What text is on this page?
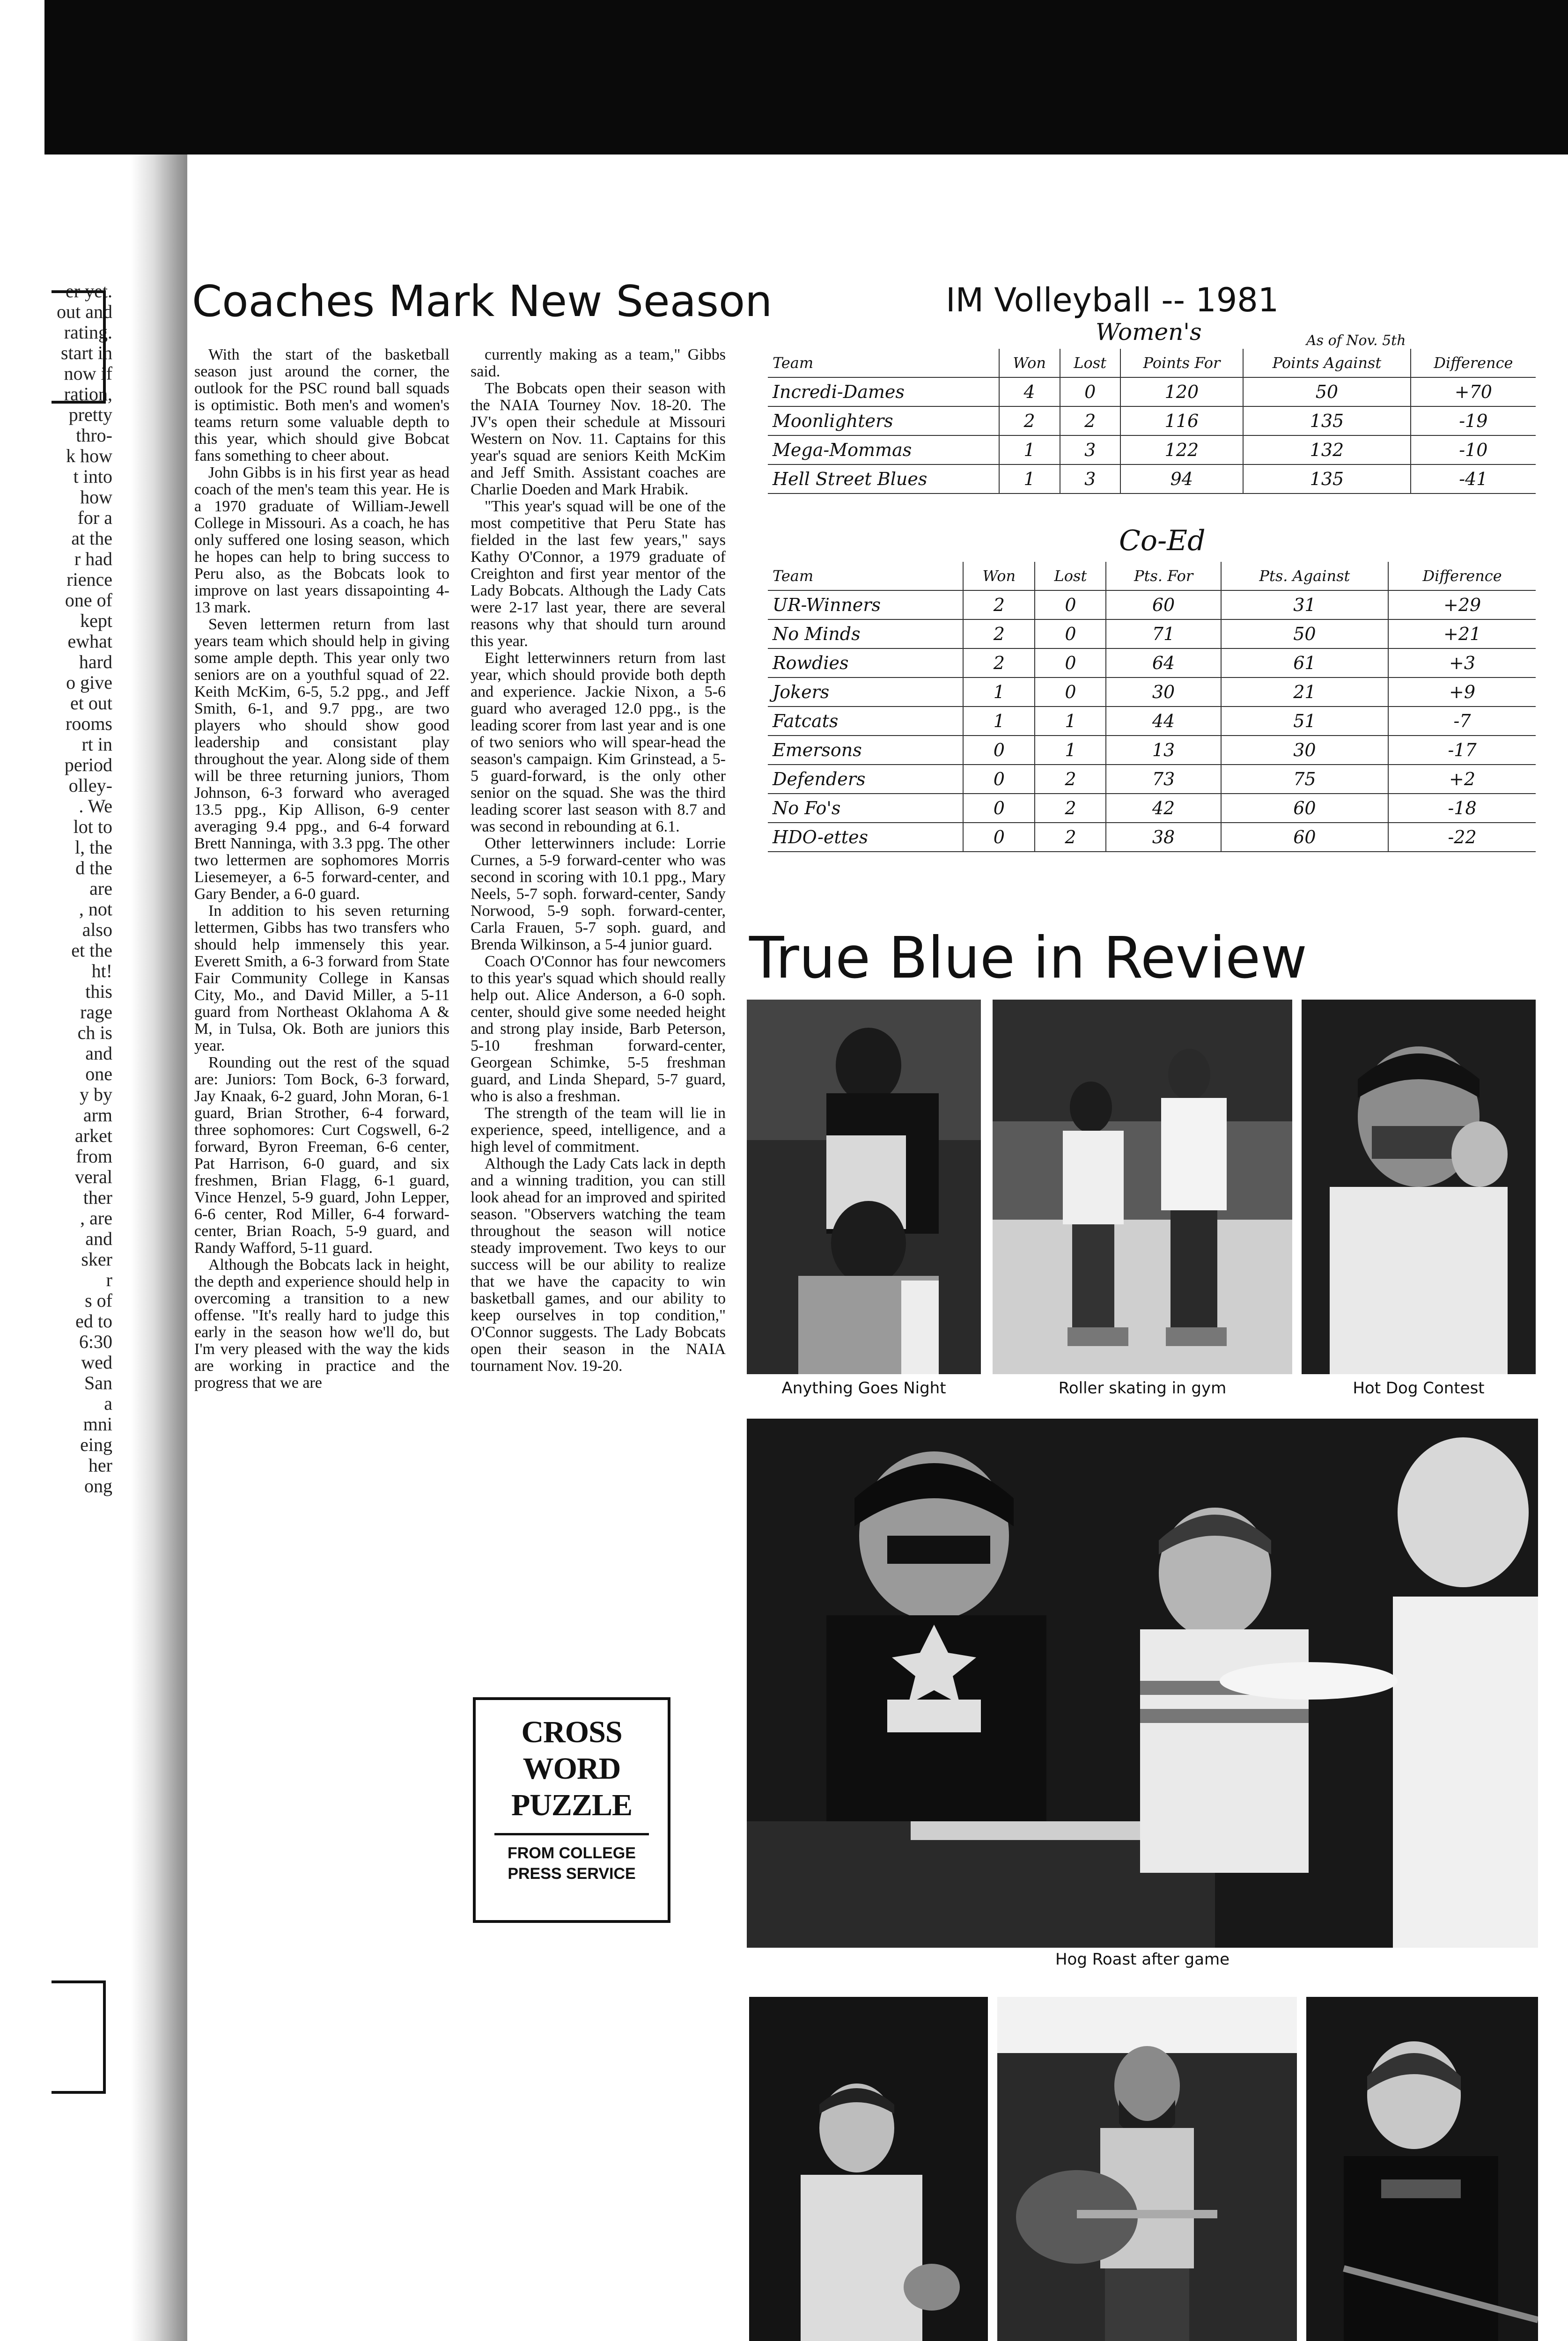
er yet.
out and
rating.
start in
now if
ration,
pretty
thro-
k how
t into
how
for a
at the
r had
rience
one of
kept
ewhat
hard
o give
et out
rooms
rt in
period
olley-
. We
lot to
l, the
d the
are
, not
also
et the
ht!
this
rage
ch is
and
one
y by
arm
arket
from
veral
ther
, are
and
sker
r
s of
ed to
6:30
wed
San
a
mni
eing
her
ong
Coaches Mark New Season

With the start of the basketball season just around the corner, the outlook for the PSC round ball squads is optimistic. Both men's and women's teams return some valuable depth to this year, which should give Bobcat fans something to cheer about.

John Gibbs is in his first year as head coach of the men's team this year. He is a 1970 graduate of William-Jewell College in Missouri. As a coach, he has only suffered one losing season, which he hopes can help to bring success to Peru also, as the Bobcats look to improve on last years dissapointing 4-13 mark.

Seven lettermen return from last years team which should help in giving some ample depth. This year only two seniors are on a youthful squad of 22. Keith McKim, 6-5, 5.2 ppg., and Jeff Smith, 6-1, and 9.7 ppg., are two players who should show good leadership and consistant play throughout the year. Along side of them will be three returning juniors, Thom Johnson, 6-3 forward who averaged 13.5 ppg., Kip Allison, 6-9 center averaging 9.4 ppg., and 6-4 forward Brett Nanninga, with 3.3 ppg. The other two lettermen are sophomores Morris Liesemeyer, a 6-5 forward-center, and Gary Bender, a 6-0 guard.

In addition to his seven returning lettermen, Gibbs has two transfers who should help immensely this year. Everett Smith, a 6-3 forward from State Fair Community College in Kansas City, Mo., and David Miller, a 5-11 guard from Northeast Oklahoma A & M, in Tulsa, Ok. Both are juniors this year.

Rounding out the rest of the squad are: Juniors: Tom Bock, 6-3 forward, Jay Knaak, 6-2 guard, John Moran, 6-1 guard, Brian Strother, 6-4 forward, three sophomores: Curt Cogswell, 6-2 forward, Byron Freeman, 6-6 center, Pat Harrison, 6-0 guard, and six freshmen, Brian Flagg, 6-1 guard, Vince Henzel, 5-9 guard, John Lepper, 6-6 center, Rod Miller, 6-4 forward-center, Brian Roach, 5-9 guard, and Randy Wafford, 5-11 guard.

Although the Bobcats lack in height, the depth and experience should help in overcoming a transition to a new offense. "It's really hard to judge this early in the season how we'll do, but I'm very pleased with the way the kids are working in practice and the progress that we are

currently making as a team," Gibbs said.

The Bobcats open their season with the NAIA Tourney Nov. 18-20. The JV's open their schedule at Missouri Western on Nov. 11. Captains for this year's squad are seniors Keith McKim and Jeff Smith. Assistant coaches are Charlie Doeden and Mark Hrabik.

"This year's squad will be one of the most competitive that Peru State has fielded in the last few years," says Kathy O'Connor, a 1979 graduate of Creighton and first year mentor of the Lady Bobcats. Although the Lady Cats were 2-17 last year, there are several reasons why that should turn around this year.

Eight letterwinners return from last year, which should provide both depth and experience. Jackie Nixon, a 5-6 guard who averaged 12.0 ppg., is the leading scorer from last year and is one of two seniors who will spear-head the season's campaign. Kim Grinstead, a 5-5 guard-forward, is the only other senior on the squad. She was the third leading scorer last season with 8.7 and was second in rebounding at 6.1.

Other letterwinners include: Lorrie Curnes, a 5-9 forward-center who was second in scoring with 10.1 ppg., Mary Neels, 5-7 soph. forward-center, Sandy Norwood, 5-9 soph. forward-center, Carla Frauen, 5-7 soph. guard, and Brenda Wilkinson, a 5-4 junior guard.

Coach O'Connor has four newcomers to this year's squad which should really help out. Alice Anderson, a 6-0 soph. center, should give some needed height and strong play inside, Barb Peterson, 5-10 freshman forward-center, Georgean Schimke, 5-5 freshman guard, and Linda Shepard, 5-7 guard, who is also a freshman.

The strength of the team will lie in experience, speed, intelligence, and a high level of commitment.

Although the Lady Cats lack in depth and a winning tradition, you can still look ahead for an improved and spirited season. "Observers watching the team throughout the season will notice steady improvement. Two keys to our success will be our ability to realize that we have the capacity to win basketball games, and our ability to keep ourselves in top condition," O'Connor suggests. The Lady Bobcats open their season in the NAIA tournament Nov. 19-20.

IM Volleyball -- 1981
Women's	As of Nov. 5th
Team	Won	Lost	Points For	Points Against	Difference
Incredi-Dames	4	0	120	50	+70
Moonlighters	2	2	116	135	-19
Mega-Mommas	1	3	122	132	-10
Hell Street Blues	1	3	94	135	-41
Co-Ed
Team	Won	Lost	Pts. For	Pts. Against	Difference
UR-Winners	2	0	60	31	+29
No Minds	2	0	71	50	+21
Rowdies	2	0	64	61	+3
Jokers	1	0	30	21	+9
Fatcats	1	1	44	51	-7
Emersons	0	1	13	30	-17
Defenders	0	2	73	75	+2
No Fo's	0	2	42	60	-18
HDO-ettes	0	2	38	60	-22
True Blue in Review
Anything Goes Night	Roller skating in gym	Hot Dog Contest
Hog Roast after game
CROSS
WORD
PUZZLE
FROM COLLEGE
PRESS SERVICE
